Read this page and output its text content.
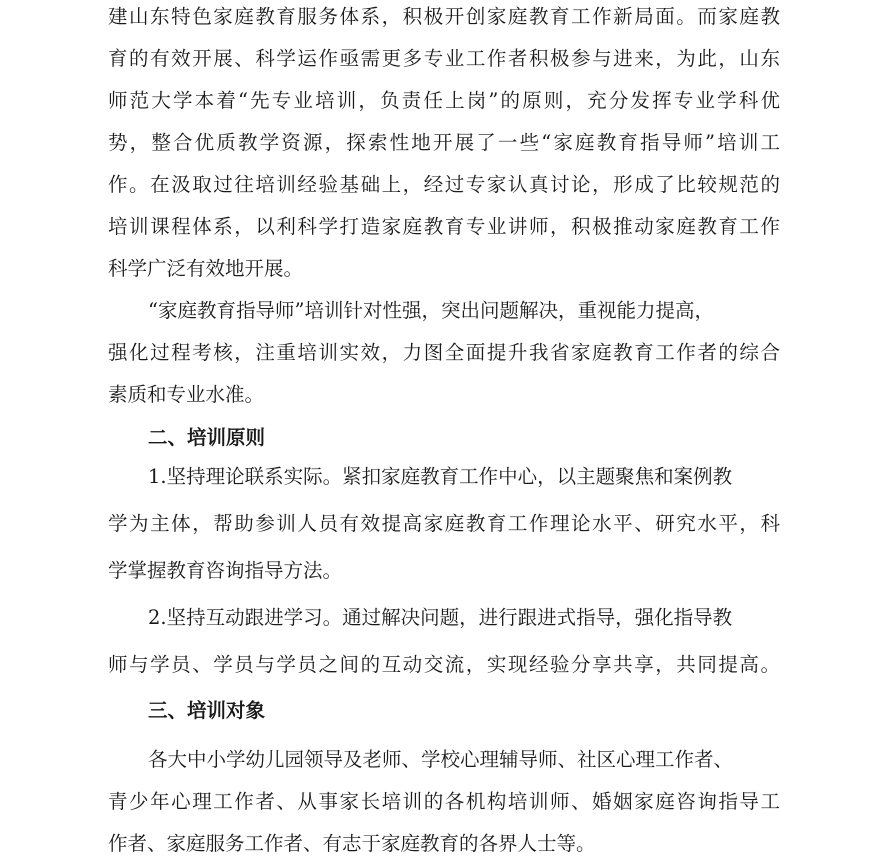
建山东特色家庭教育服务体系，积极开创家庭教育工作新局面。而家庭教
育的有效开展、科学运作亟需更多专业工作者积极参与进来，为此，山东
师范大学本着“先专业培训，负责任上岗”的原则，充分发挥专业学科优
势，整合优质教学资源，探索性地开展了一些“家庭教育指导师”培训工
作。在汲取过往培训经验基础上，经过专家认真讨论，形成了比较规范的
培训课程体系，以利科学打造家庭教育专业讲师，积极推动家庭教育工作
科学广泛有效地开展。
“家庭教育指导师”培训针对性强，突出问题解决，重视能力提高，
强化过程考核，注重培训实效，力图全面提升我省家庭教育工作者的综合
素质和专业水准。
二、培训原则
1.坚持理论联系实际。紧扣家庭教育工作中心，以主题聚焦和案例教
学为主体，帮助参训人员有效提高家庭教育工作理论水平、研究水平，科
学掌握教育咨询指导方法。
2.坚持互动跟进学习。通过解决问题，进行跟进式指导，强化指导教
师与学员、学员与学员之间的互动交流，实现经验分享共享，共同提高。
三、培训对象
各大中小学幼儿园领导及老师、学校心理辅导师、社区心理工作者、
青少年心理工作者、从事家长培训的各机构培训师、婚姻家庭咨询指导工
作者、家庭服务工作者、有志于家庭教育的各界人士等。
